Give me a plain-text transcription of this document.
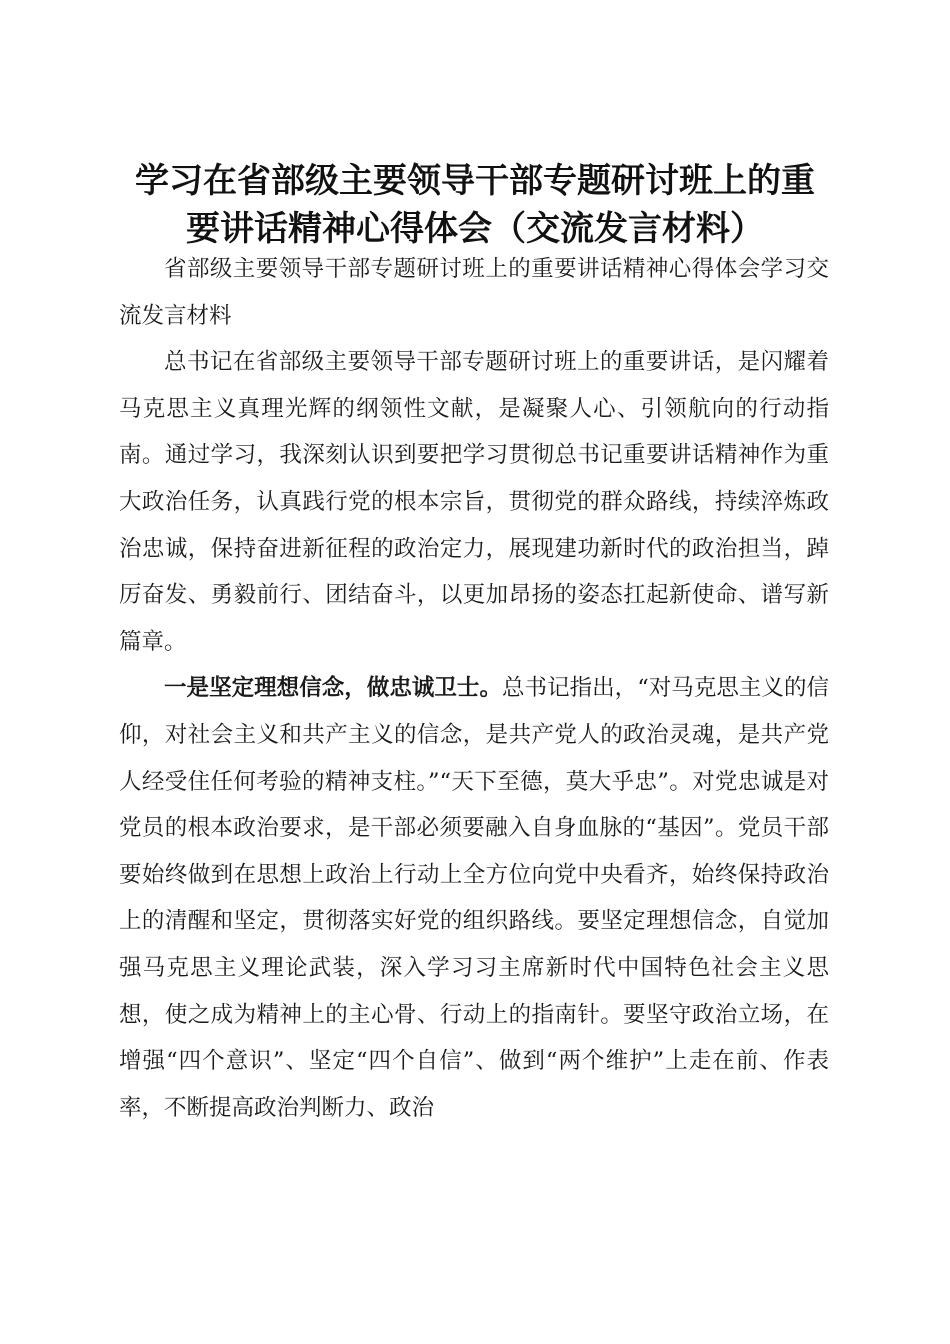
学习在省部级主要领导干部专题研讨班上的重
要讲话精神心得体会（交流发言材料）

省部级主要领导干部专题研讨班上的重要讲话精神心得体会学习交流发言材料

总书记在省部级主要领导干部专题研讨班上的重要讲话，是闪耀着马克思主义真理光辉的纲领性文献，是凝聚人心、引领航向的行动指南。通过学习，我深刻认识到要把学习贯彻总书记重要讲话精神作为重大政治任务，认真践行党的根本宗旨，贯彻党的群众路线，持续淬炼政治忠诚，保持奋进新征程的政治定力，展现建功新时代的政治担当，踔厉奋发、勇毅前行、团结奋斗，以更加昂扬的姿态扛起新使命、谱写新篇章。

一是坚定理想信念，做忠诚卫士。总书记指出，“对马克思主义的信仰，对社会主义和共产主义的信念，是共产党人的政治灵魂，是共产党人经受住任何考验的精神支柱。”“天下至德，莫大乎忠”。对党忠诚是对党员的根本政治要求，是干部必须要融入自身血脉的“基因”。党员干部要始终做到在思想上政治上行动上全方位向党中央看齐，始终保持政治上的清醒和坚定，贯彻落实好党的组织路线。要坚定理想信念，自觉加强马克思主义理论武装，深入学习习主席新时代中国特色社会主义思想，使之成为精神上的主心骨、行动上的指南针。要坚守政治立场，在增强“四个意识”、坚定“四个自信”、做到“两个维护”上走在前、作表率，不断提高政治判断力、政治
